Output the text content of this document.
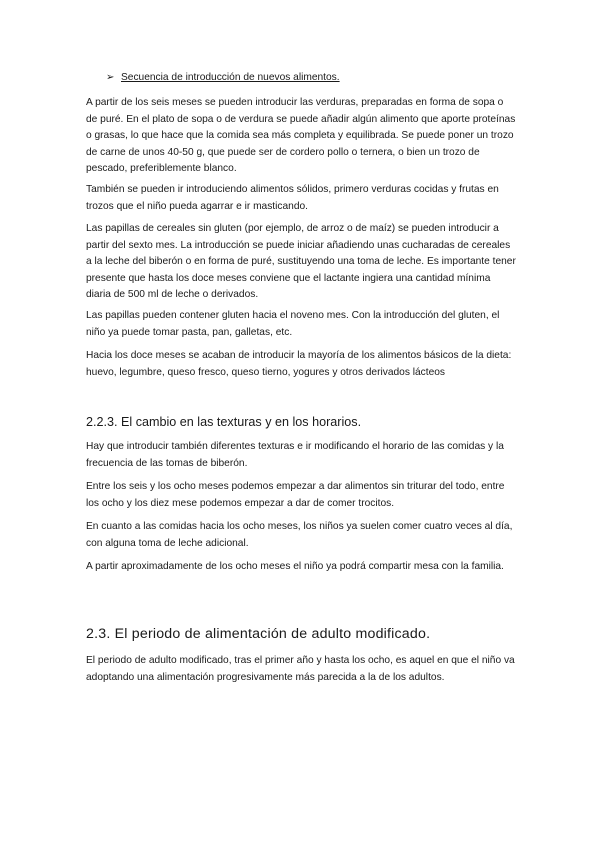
➢ Secuencia de introducción de nuevos alimentos.

A partir de los seis meses se pueden introducir las verduras, preparadas en forma de sopa o de puré. En el plato de sopa o de verdura se puede añadir algún alimento que aporte proteínas o grasas, lo que hace que la comida sea más completa y equilibrada. Se puede poner un trozo de carne de unos 40-50 g, que puede ser de cordero pollo o ternera, o bien un trozo de pescado, preferiblemente blanco.

También se pueden ir introduciendo alimentos sólidos, primero verduras cocidas y frutas en trozos que el niño pueda agarrar e ir masticando.

Las papillas de cereales sin gluten (por ejemplo, de arroz o de maíz) se pueden introducir a partir del sexto mes. La introducción se puede iniciar añadiendo unas cucharadas de cereales a la leche del biberón o en forma de puré, sustituyendo una toma de leche. Es importante tener presente que hasta los doce meses conviene que el lactante ingiera una cantidad mínima diaria de 500 ml de leche o derivados.

Las papillas pueden contener gluten hacia el noveno mes. Con la introducción del gluten, el niño ya puede tomar pasta, pan, galletas, etc.

Hacia los doce meses se acaban de introducir la mayoría de los alimentos básicos de la dieta: huevo, legumbre, queso fresco, queso tierno, yogures y otros derivados lácteos

2.2.3. El cambio en las texturas y en los horarios.

Hay que introducir también diferentes texturas e ir modificando el horario de las comidas y la frecuencia de las tomas de biberón.

Entre los seis y los ocho meses podemos empezar a dar alimentos sin triturar del todo, entre los ocho y los diez mese podemos empezar a dar de comer trocitos.

En cuanto a las comidas hacia los ocho meses, los niños ya suelen comer cuatro veces al día, con alguna toma de leche adicional.

A partir aproximadamente de los ocho meses el niño ya podrá compartir mesa con la familia.

2.3. El periodo de alimentación de adulto modificado.

El periodo de adulto modificado, tras el primer año y hasta los ocho, es aquel en que el niño va adoptando una alimentación progresivamente más parecida a la de los adultos.
